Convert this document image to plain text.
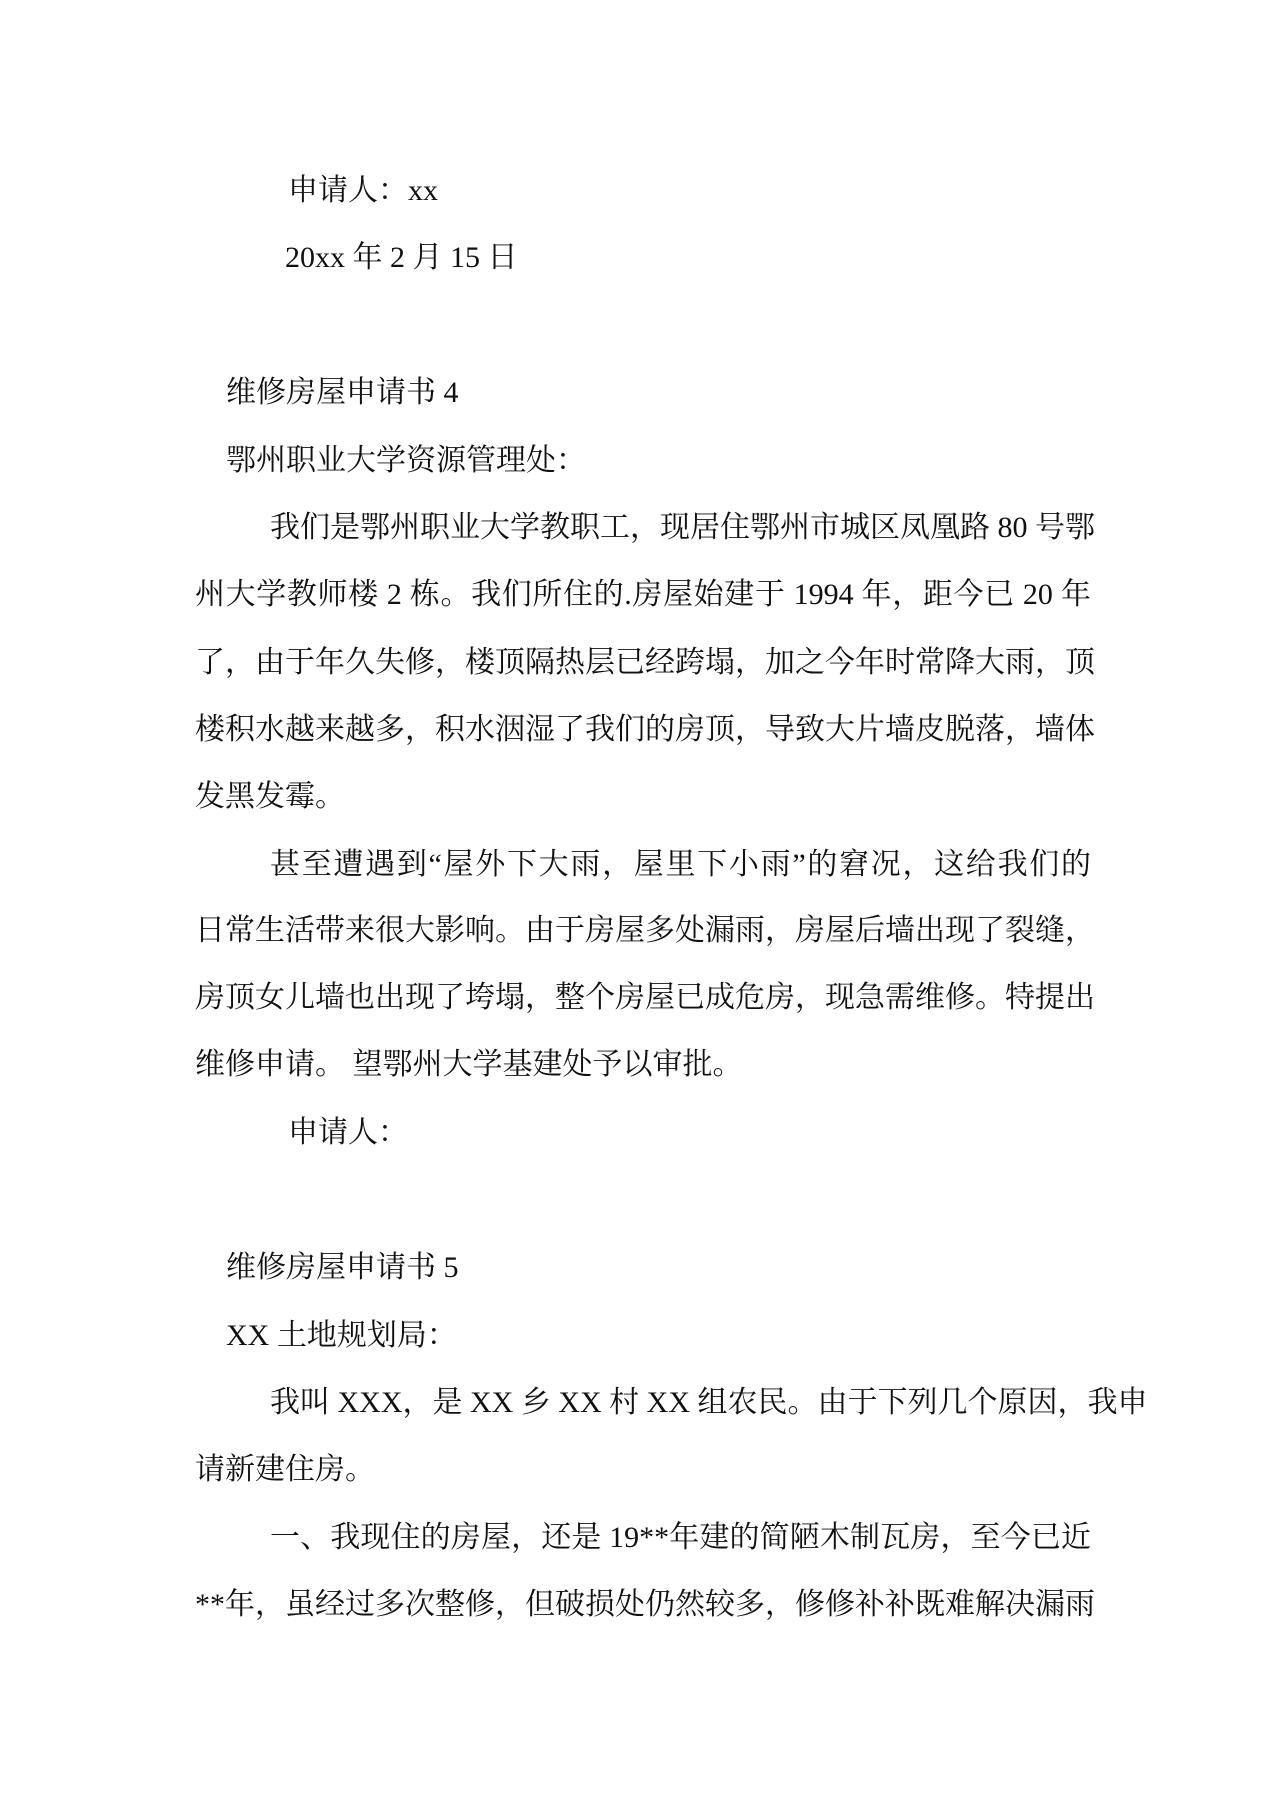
申请人：xx
20xx 年 2 月 15 日
维修房屋申请书 4
鄂州职业大学资源管理处：
我们是鄂州职业大学教职工，现居住鄂州市城区凤凰路 80 号鄂
州大学教师楼 2 栋。我们所住的.房屋始建于 1994 年，距今已 20 年
了，由于年久失修，楼顶隔热层已经跨塌，加之今年时常降大雨，顶
楼积水越来越多，积水洇湿了我们的房顶，导致大片墙皮脱落，墙体
发黑发霉。
甚至遭遇到“屋外下大雨，屋里下小雨”的窘况，这给我们的
日常生活带来很大影响。由于房屋多处漏雨，房屋后墙出现了裂缝，
房顶女儿墙也出现了垮塌，整个房屋已成危房，现急需维修。特提出
维修申请。 望鄂州大学基建处予以审批。
申请人：
维修房屋申请书 5
XX 土地规划局：
我叫 XXX，是 XX 乡 XX 村 XX 组农民。由于下列几个原因，我申
请新建住房。
一、我现住的房屋，还是 19**年建的简陋木制瓦房，至今已近
**年，虽经过多次整修，但破损处仍然较多，修修补补既难解决漏雨
